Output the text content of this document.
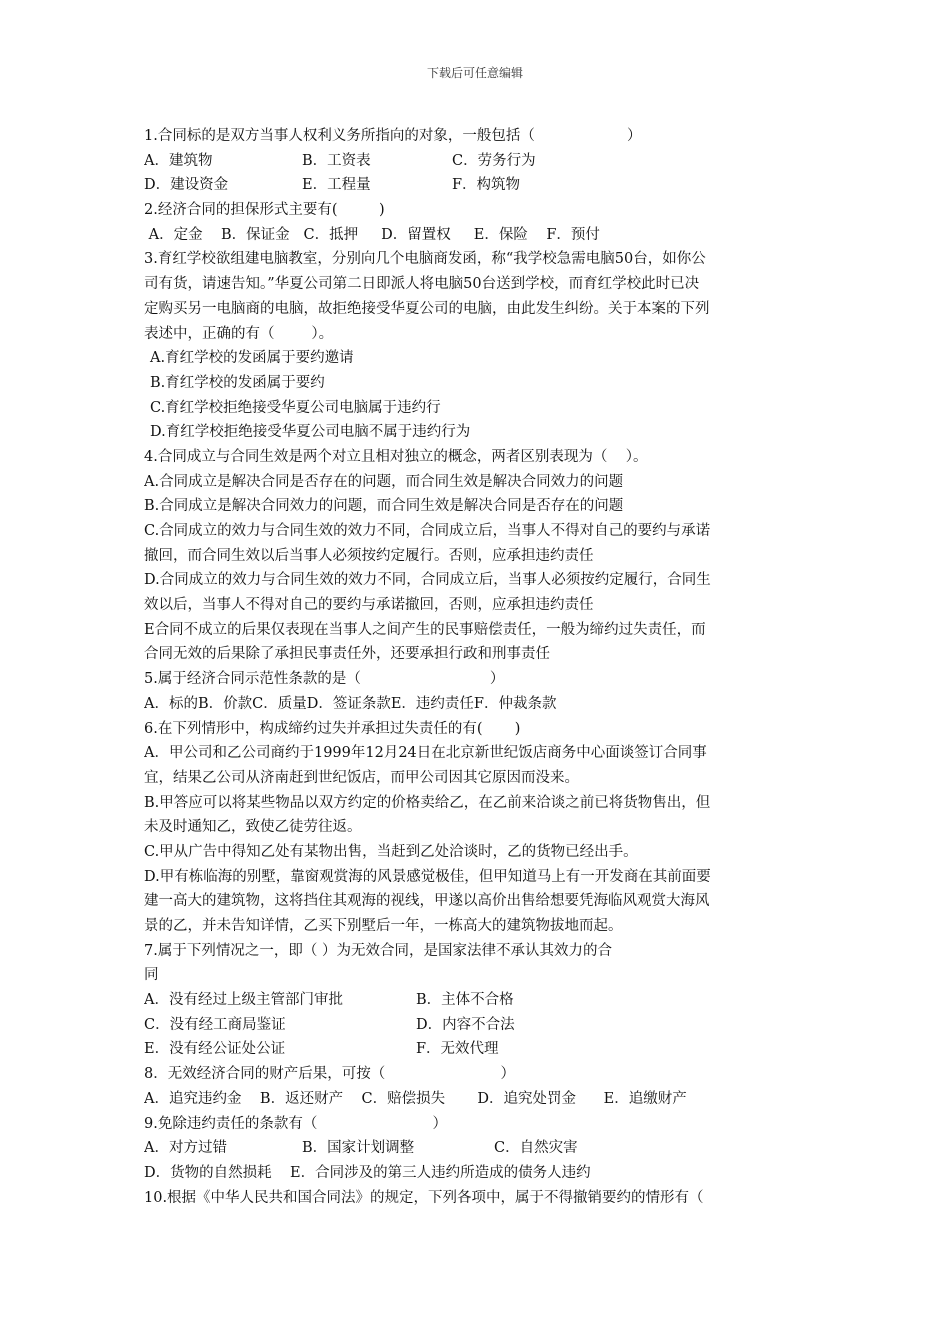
下载后可任意编辑
1.合同标的是双方当事人权利义务所指向的对象，一般包括（                    ）
A．建筑物	B．工资表	C．劳务行为
D．建设资金	E．工程量	F．构筑物
2.经济合同的担保形式主要有(         )
A．定金    B．保证金   C．抵押     D．留置权     E．保险    F．预付
3.育红学校欲组建电脑教室，分别向几个电脑商发函，称“我学校急需电脑50台，如你公
司有货，请速告知。”华夏公司第二日即派人将电脑50台送到学校，而育红学校此时已决
定购买另一电脑商的电脑，故拒绝接受华夏公司的电脑，由此发生纠纷。关于本案的下列
表述中，正确的有（        ）。
A.育红学校的发函属于要约邀请
B.育红学校的发函属于要约
C.育红学校拒绝接受华夏公司电脑属于违约行
D.育红学校拒绝接受华夏公司电脑不属于违约行为
4.合同成立与合同生效是两个对立且相对独立的概念，两者区别表现为（    ）。
A.合同成立是解决合同是否存在的问题，而合同生效是解决合同效力的问题
B.合同成立是解决合同效力的问题，而合同生效是解决合同是否存在的问题
C.合同成立的效力与合同生效的效力不同，合同成立后，当事人不得对自己的要约与承诺
撤回，而合同生效以后当事人必须按约定履行。否则，应承担违约责任
D.合同成立的效力与合同生效的效力不同，合同成立后，当事人必须按约定履行，合同生
效以后，当事人不得对自己的要约与承诺撤回，否则，应承担违约责任
E合同不成立的后果仅表现在当事人之间产生的民事赔偿责任，一般为缔约过失责任，而
合同无效的后果除了承担民事责任外，还要承担行政和刑事责任
5.属于经济合同示范性条款的是（                            ）
A．标的B．价款C．质量D．签证条款E．违约责任F．仲裁条款
6.在下列情形中，构成缔约过失并承担过失责任的有(       )
A．甲公司和乙公司商约于1999年12月24日在北京新世纪饭店商务中心面谈签订合同事
宜，结果乙公司从济南赶到世纪饭店，而甲公司因其它原因而没来。
B.甲答应可以将某些物品以双方约定的价格卖给乙，在乙前来洽谈之前已将货物售出，但
未及时通知乙，致使乙徒劳往返。
C.甲从广告中得知乙处有某物出售，当赶到乙处洽谈时，乙的货物已经出手。
D.甲有栋临海的别墅，靠窗观赏海的风景感觉极佳，但甲知道马上有一开发商在其前面要
建一高大的建筑物，这将挡住其观海的视线，甲遂以高价出售给想要凭海临风观赏大海风
景的乙，并未告知详情，乙买下别墅后一年，一栋高大的建筑物拔地而起。
7.属于下列情况之一，即（ ）为无效合同，是国家法律不承认其效力的合
同
A．没有经过上级主管部门审批	B．主体不合格
C．没有经工商局鉴证	D．内容不合法
E．没有经公证处公证	F．无效代理
8．无效经济合同的财产后果，可按（                         ）
A．追究违约金    B．返还财产    C．赔偿损失       D．追究处罚金      E．追缴财产
9.免除违约责任的条款有（                         ）
A．对方过错	B．国家计划调整	C．自然灾害
D．货物的自然损耗    E．合同涉及的第三人违约所造成的债务人违约
10.根据《中华人民共和国合同法》的规定，下列各项中，属于不得撤销要约的情形有（
